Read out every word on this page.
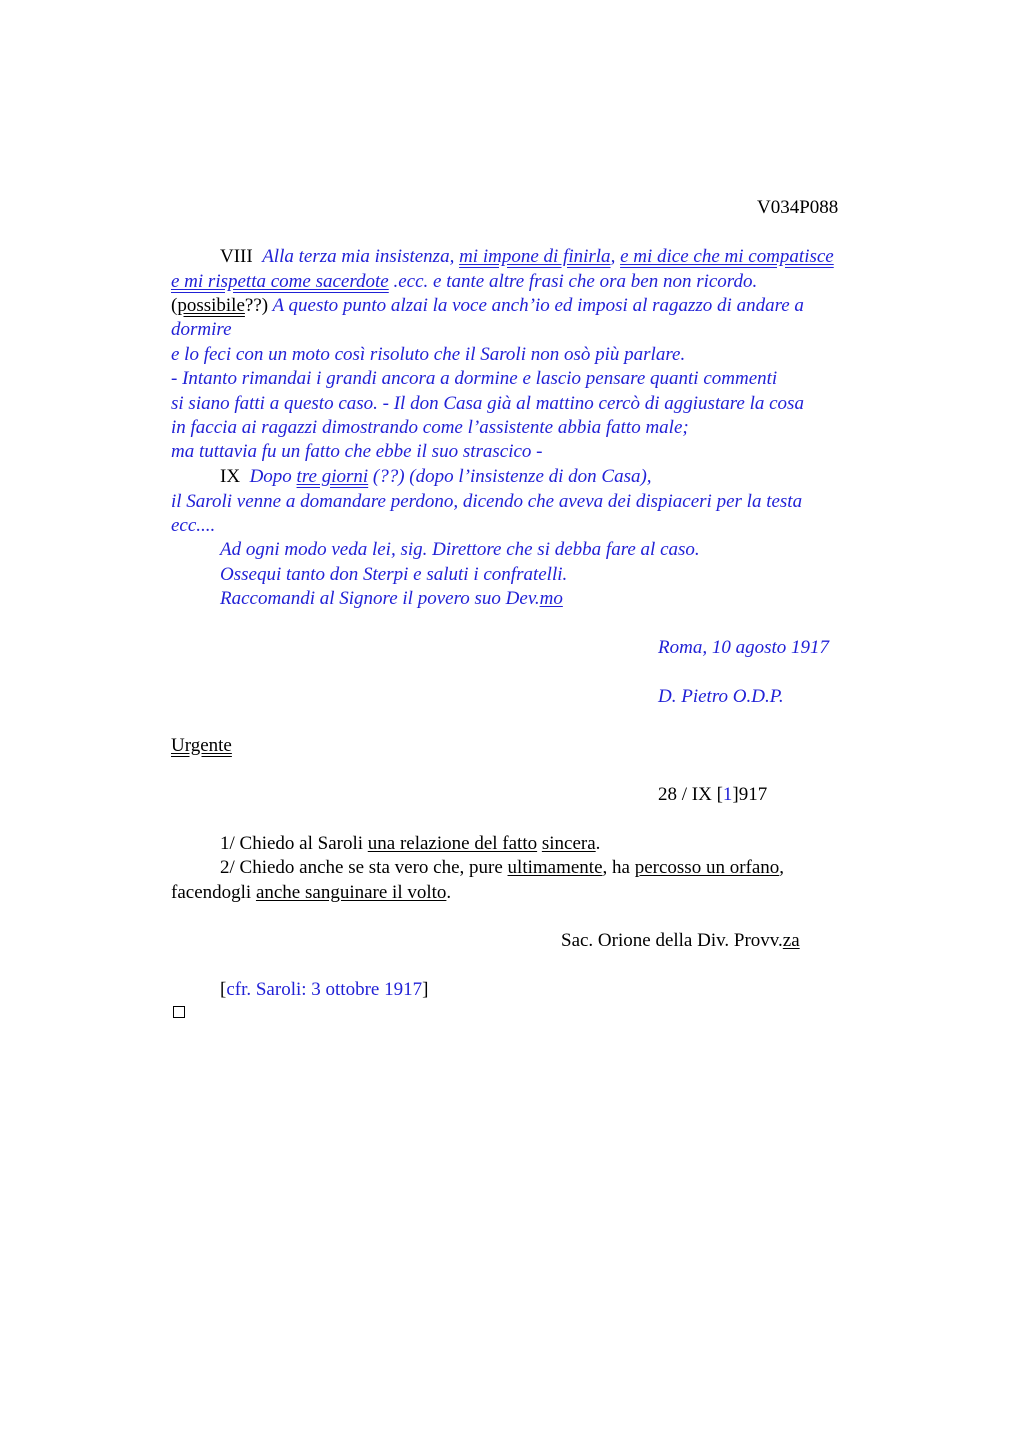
V034P088
VIII Alla terza mia insistenza, mi impone di finirla, e mi dice che mi compatisce
e mi rispetta come sacerdote .ecc. e tante altre frasi che ora ben non ricordo.
(possibile??) A questo punto alzai la voce anch’io ed imposi al ragazzo di andare a
dormire
e lo feci con un moto così risoluto che il Saroli non osò più parlare.
- Intanto rimandai i grandi ancora a dormine e lascio pensare quanti commenti
si siano fatti a questo caso. - Il don Casa già al mattino cercò di aggiustare la cosa
in faccia ai ragazzi dimostrando come l’assistente abbia fatto male;
ma tuttavia fu un fatto che ebbe il suo strascico -
IX Dopo tre giorni (??) (dopo l’insistenze di don Casa),
il Saroli venne a domandare perdono, dicendo che aveva dei dispiaceri per la testa
ecc....
Ad ogni modo veda lei, sig. Direttore che si debba fare al caso.
Ossequi tanto don Sterpi e saluti i confratelli.
Raccomandi al Signore il povero suo Dev.mo
Roma, 10 agosto 1917
D. Pietro O.D.P.
Urgente
28 / IX [1]917
1/ Chiedo al Saroli una relazione del fatto sincera.
2/ Chiedo anche se sta vero che, pure ultimamente, ha percosso un orfano,
facendogli anche sanguinare il volto.
Sac. Orione della Div. Provv.za
[cfr. Saroli: 3 ottobre 1917]
